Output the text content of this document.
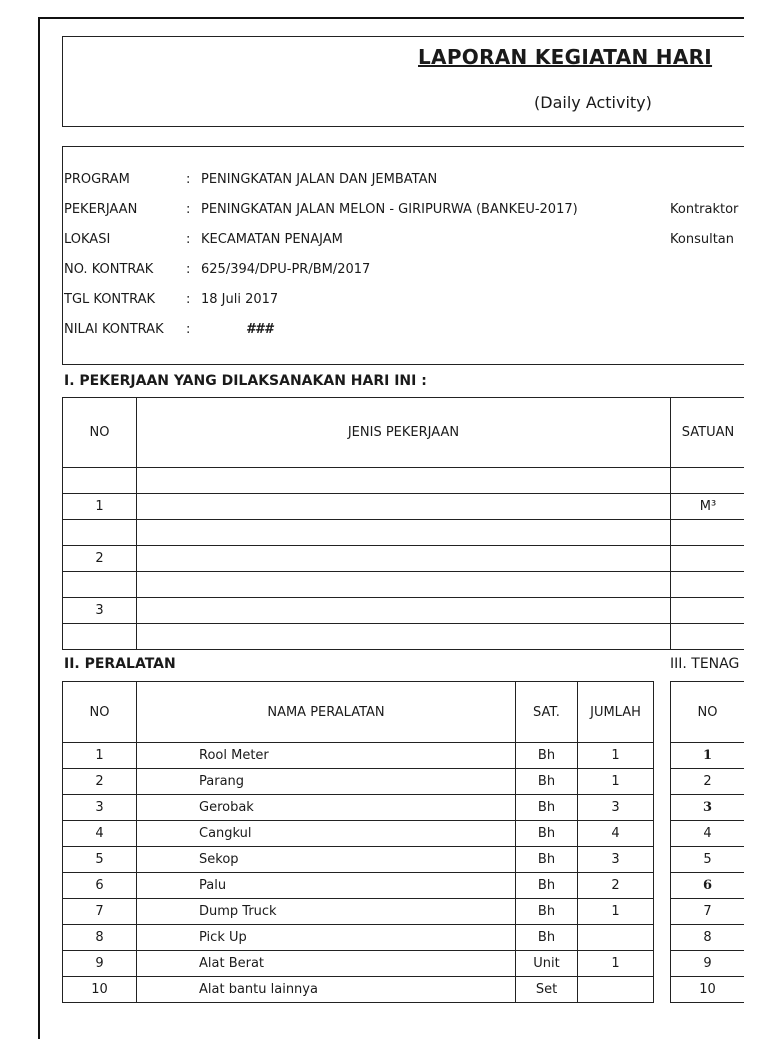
LAPORAN KEGIATAN HARI
(Daily Activity)
PROGRAM	: PENINGKATAN JALAN DAN JEMBATAN
PEKERJAAN	: PENINGKATAN JALAN MELON - GIRIPURWA (BANKEU-2017)	Kontraktor
LOKASI	: KECAMATAN PENAJAM	Konsultan
NO. KONTRAK	: 625/394/DPU-PR/BM/2017
TGL KONTRAK : 18 Juli 2017
NILAI KONTRAK :	###
I. PEKERJAAN YANG DILAKSANAKAN HARI INI :
NO	JENIS PEKERJAAN	SATUAN	

1		M³	

2			

3			

II. PERALATAN	III. TENAG
NO	NAMA PERALATAN	SAT.	JUMLAH
1	Rool Meter	Bh	1
2	Parang	Bh	1
3	Gerobak	Bh	3
4	Cangkul	Bh	4
5	Sekop	Bh	3
6	Palu	Bh	2
7	Dump Truck	Bh	1
8	Pick Up	Bh	
9	Alat Berat	Unit	1
10	Alat bantu lainnya	Set	
NO	
1	
2	
3	
4	
5	
6	
7	
8	
9	
10	
